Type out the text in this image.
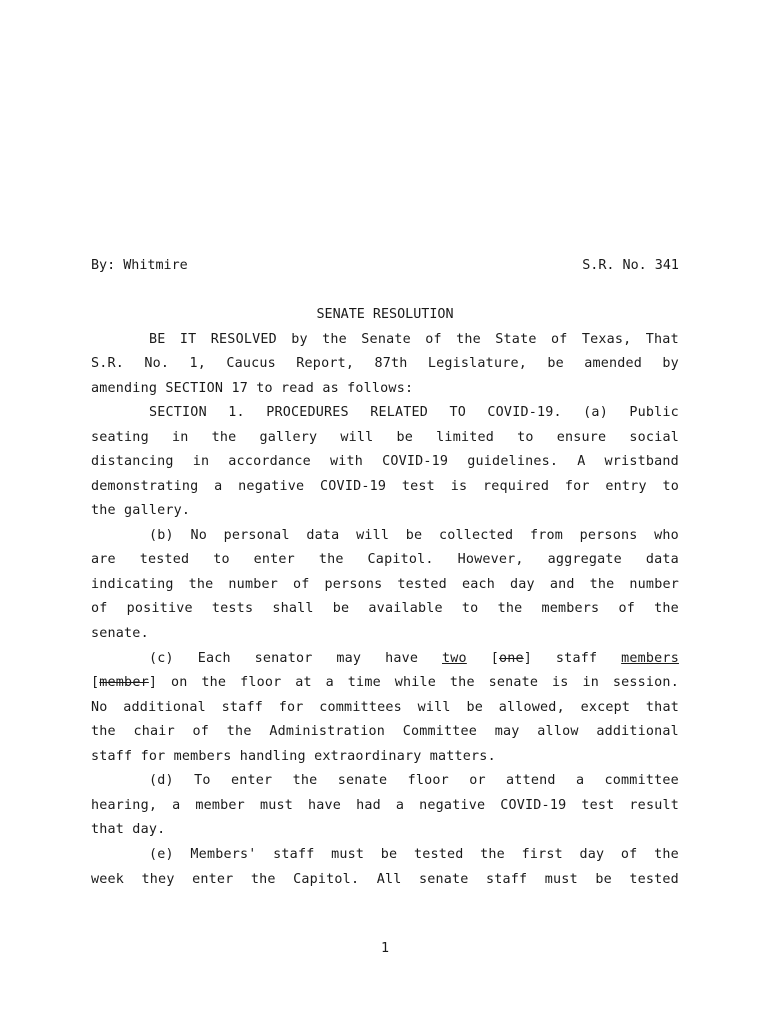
By: Whitmire	S.R. No. 341
SENATE RESOLUTION
BE IT RESOLVED by the Senate of the State of Texas, That
S.R. No. 1, Caucus Report, 87th Legislature, be amended by
amending SECTION 17 to read as follows:
SECTION 1. PROCEDURES RELATED TO COVID-19. (a) Public
seating in the gallery will be limited to ensure social
distancing in accordance with COVID-19 guidelines. A wristband
demonstrating a negative COVID-19 test is required for entry to
the gallery.
(b) No personal data will be collected from persons who
are tested to enter the Capitol. However, aggregate data
indicating the number of persons tested each day and the number
of positive tests shall be available to the members of the
senate.
(c) Each senator may have two [one] staff members
[member] on the floor at a time while the senate is in session.
No additional staff for committees will be allowed, except that
the chair of the Administration Committee may allow additional
staff for members handling extraordinary matters.
(d) To enter the senate floor or attend a committee
hearing, a member must have had a negative COVID-19 test result
that day.
(e) Members' staff must be tested the first day of the
week they enter the Capitol. All senate staff must be tested
1
